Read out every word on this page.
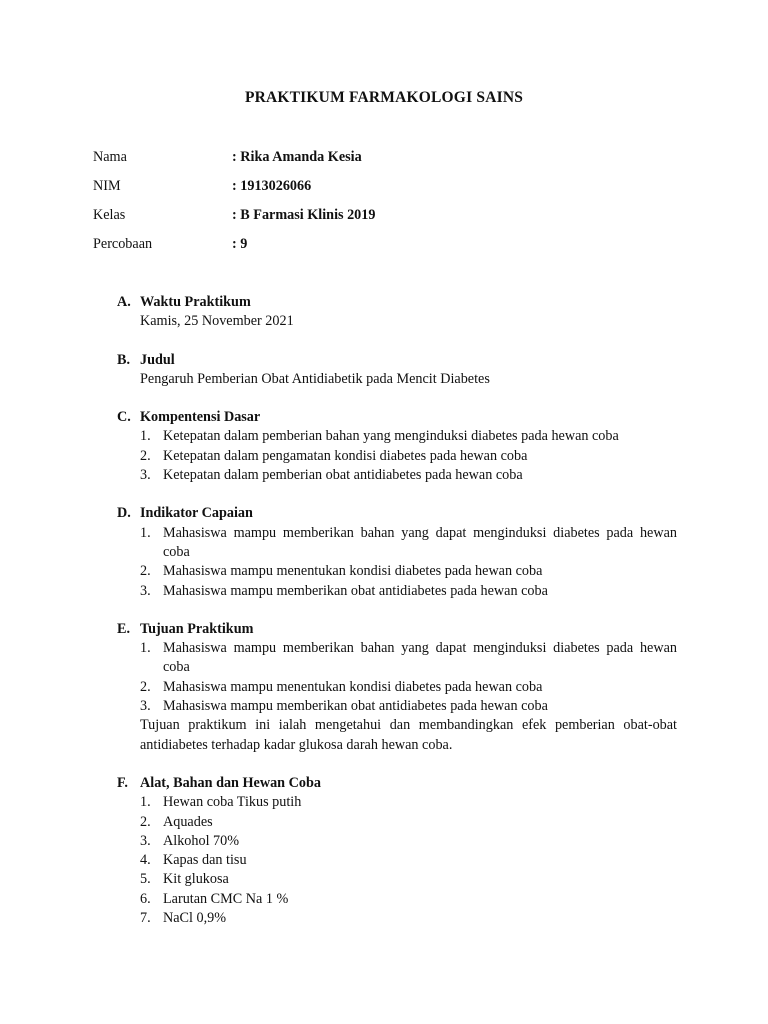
PRAKTIKUM FARMAKOLOGI SAINS
Nama	: Rika Amanda Kesia
NIM	: 1913026066
Kelas	: B Farmasi Klinis 2019
Percobaan	: 9
A. Waktu Praktikum
Kamis, 25 November 2021
B. Judul
Pengaruh Pemberian Obat Antidiabetik pada Mencit Diabetes
C. Kompentensi Dasar
1. Ketepatan dalam pemberian bahan yang menginduksi diabetes pada hewan coba
2. Ketepatan dalam pengamatan kondisi diabetes pada hewan coba
3. Ketepatan dalam pemberian obat antidiabetes pada hewan coba
D. Indikator Capaian
1. Mahasiswa mampu memberikan bahan yang dapat menginduksi diabetes pada hewan coba
2. Mahasiswa mampu menentukan kondisi diabetes pada hewan coba
3. Mahasiswa mampu memberikan obat antidiabetes pada hewan coba
E. Tujuan Praktikum
1. Mahasiswa mampu memberikan bahan yang dapat menginduksi diabetes pada hewan coba
2. Mahasiswa mampu menentukan kondisi diabetes pada hewan coba
3. Mahasiswa mampu memberikan obat antidiabetes pada hewan coba
Tujuan praktikum ini ialah mengetahui dan membandingkan efek pemberian obat-obat antidiabetes terhadap kadar glukosa darah hewan coba.
F. Alat, Bahan dan Hewan Coba
1. Hewan coba Tikus putih
2. Aquades
3. Alkohol 70%
4. Kapas dan tisu
5. Kit glukosa
6. Larutan CMC Na 1 %
7. NaCl 0,9%
